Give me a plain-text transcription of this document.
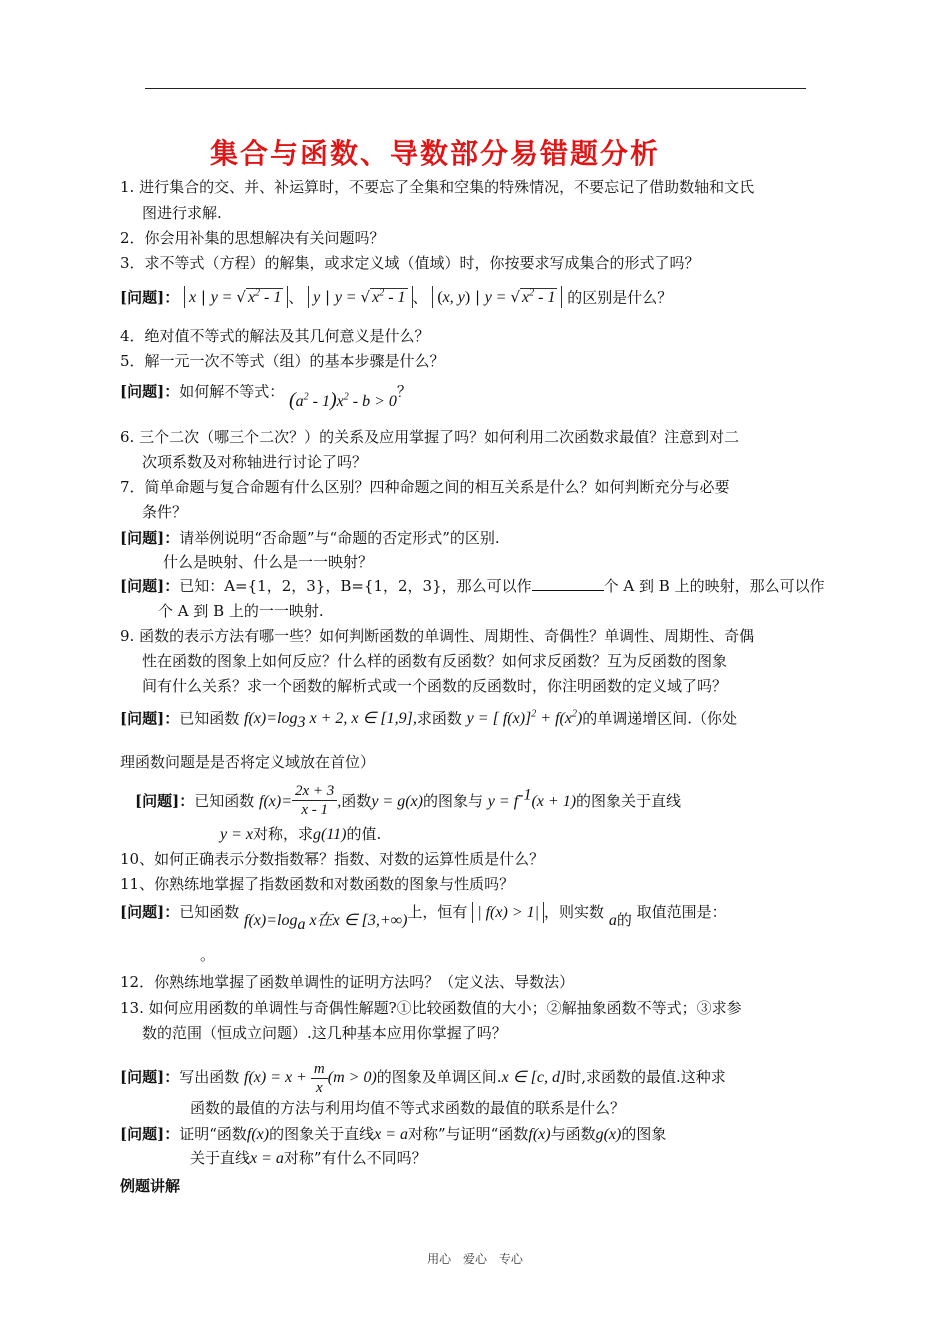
集合与函数、导数部分易错题分析
1. 进行集合的交、并、补运算时，不要忘了全集和空集的特殊情况，不要忘记了借助数轴和文氏
图进行求解.
2．你会用补集的思想解决有关问题吗？
3．求不等式（方程）的解集，或求定义域（值域）时，你按要求写成集合的形式了吗？
[问题]： x | y = √ $x^2 - 1$ 、 y | y = √ $x^2 - 1$ 、 (x, y) | y = √ $x^2 - 1$ 的区别是什么？
4．绝对值不等式的解法及其几何意义是什么？
5．解一元一次不等式（组）的基本步骤是什么？
[问题]：如何解不等式： $(a^2 - 1)x^2 - b > 0$？
6. 三个二次（哪三个二次？）的关系及应用掌握了吗？如何利用二次函数求最值？注意到对二
次项系数及对称轴进行讨论了吗？
7．简单命题与复合命题有什么区别？四种命题之间的相互关系是什么？如何判断充分与必要
条件？
[问题]：请举例说明“否命题”与“命题的否定形式”的区别.
什么是映射、什么是一一映射？
[问题]：已知：A={1，2，3}，B={1，2，3}，那么可以作	个 A 到 B 上的映射，那么可以作
个 A 到 B 上的一一映射.
9. 函数的表示方法有哪一些？如何判断函数的单调性、周期性、奇偶性？单调性、周期性、奇偶
性在函数的图象上如何反应？什么样的函数有反函数？如何求反函数？互为反函数的图象
间有什么关系？求一个函数的解析式或一个函数的反函数时，你注明函数的定义域了吗？
[问题]：已知函数 $f(x)=\log_3$ x + 2, x ∈ [1,9],求函数 y = [ $f(x)]^2 + f(x^2)$的单调递增区间.（你处
理函数问题是是否将定义域放在首位）
[问题]：已知函数 $f(x)= \frac{2x + 3}{x - 1}$ ,函数y = g(x)的图象与 $y = f^{-1}(x + 1)$的图象关于直线
y = x对称，求g(11)的值.
10、如何正确表示分数指数幂？指数、对数的运算性质是什么？
11、你熟练地掌握了指数函数和对数函数的图象与性质吗？
[问题]：已知函数 $f(x)=\log_a$ x在x ∈ [3,+∞)上，恒有 | f(x) > 1| ，则实数 a的 取值范围是：
。
12．你熟练地掌握了函数单调性的证明方法吗？（定义法、导数法）
13. 如何应用函数的单调性与奇偶性解题?①比较函数值的大小；②解抽象函数不等式；③求参
数的范围（恒成立问题）.这几种基本应用你掌握了吗？
[问题]：写出函数 $f(x) = x + \frac{m}{x} (m > 0)$的图象及单调区间.x ∈ [c, d]时,求函数的最值.这种求
函数的最值的方法与利用均值不等式求函数的最值的联系是什么？
[问题]：证明“函数f(x)的图象关于直线x = a对称”与证明“函数f(x)与函数g(x)的图象
关于直线x = a对称”有什么不同吗？
例题讲解
用心 爱心 专心
